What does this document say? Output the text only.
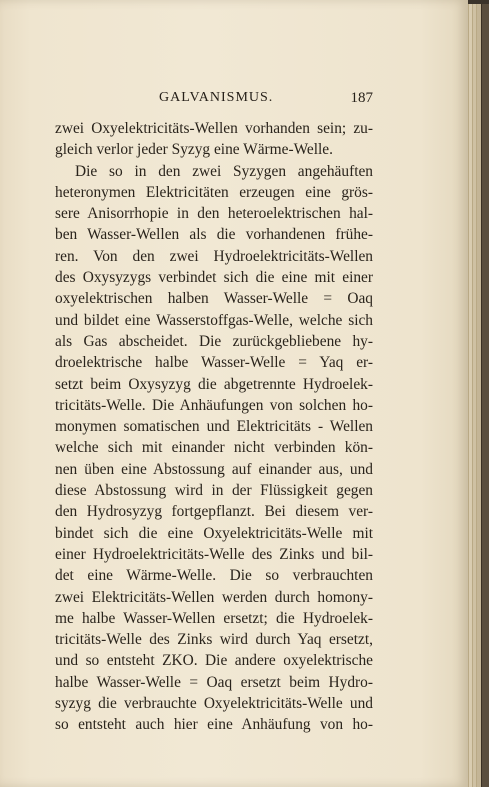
GALVANISMUS.	187
zwei Oxyelektricitäts-Wellen vorhanden sein; zu-
gleich verlor jeder Syzyg eine Wärme-Welle.
Die so in den zwei Syzygen angehäuften
heteronymen Elektricitäten erzeugen eine grös-
sere Anisorrhopie in den heteroelektrischen hal-
ben Wasser-Wellen als die vorhandenen frühe-
ren. Von den zwei Hydroelektricitäts-Wellen
des Oxysyzygs verbindet sich die eine mit einer
oxyelektrischen halben Wasser-Welle = Oaq
und bildet eine Wasserstoffgas-Welle, welche sich
als Gas abscheidet. Die zurückgebliebene hy-
droelektrische halbe Wasser-Welle = Yaq er-
setzt beim Oxysyzyg die abgetrennte Hydroelek-
tricitäts-Welle. Die Anhäufungen von solchen ho-
monymen somatischen und Elektricitäts - Wellen
welche sich mit einander nicht verbinden kön-
nen üben eine Abstossung auf einander aus, und
diese Abstossung wird in der Flüssigkeit gegen
den Hydrosyzyg fortgepflanzt. Bei diesem ver-
bindet sich die eine Oxyelektricitäts-Welle mit
einer Hydroelektricitäts-Welle des Zinks und bil-
det eine Wärme-Welle. Die so verbrauchten
zwei Elektricitäts-Wellen werden durch homony-
me halbe Wasser-Wellen ersetzt; die Hydroelek-
tricitäts-Welle des Zinks wird durch Yaq ersetzt,
und so entsteht ZKO. Die andere oxyelektrische
halbe Wasser-Welle = Oaq ersetzt beim Hydro-
syzyg die verbrauchte Oxyelektricitäts-Welle und
so entsteht auch hier eine Anhäufung von ho-
